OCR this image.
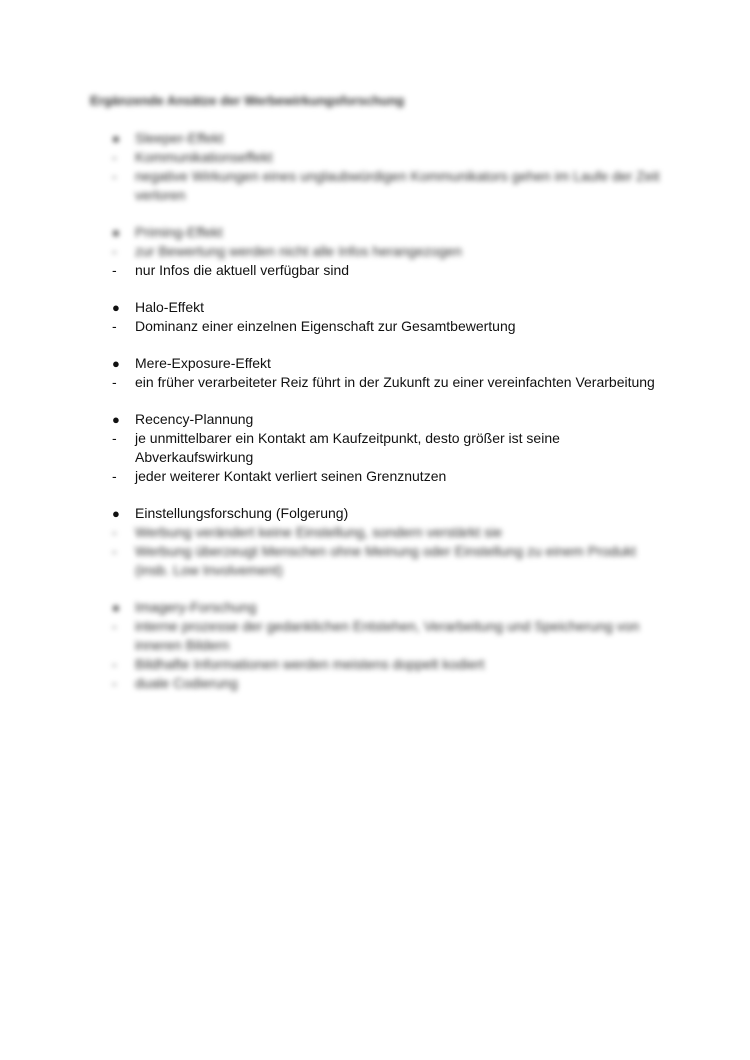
Ergänzende Ansätze der Werbewirkungsforschung
●	Sleeper-Effekt
-	Kommunikationseffekt
-	negative Wirkungen eines unglaubwürdigen Kommunikators gehen im Laufe der Zeit verloren
●	Priming-Effekt
-	zur Bewertung werden nicht alle Infos herangezogen
-	nur Infos die aktuell verfügbar sind
●	Halo-Effekt
-	Dominanz einer einzelnen Eigenschaft zur Gesamtbewertung
●	Mere-Exposure-Effekt
-	ein früher verarbeiteter Reiz führt in der Zukunft zu einer vereinfachten Verarbeitung
●	Recency-Plannung
-	je unmittelbarer ein Kontakt am Kaufzeitpunkt, desto größer ist seine Abverkaufswirkung
-	jeder weiterer Kontakt verliert seinen Grenznutzen
●	Einstellungsforschung (Folgerung)
-	Werbung verändert keine Einstellung, sondern verstärkt sie
-	Werbung überzeugt Menschen ohne Meinung oder Einstellung zu einem Produkt (insb. Low Involvement)
●	Imagery-Forschung
-	interne prozesse der gedanklichen Entstehen, Verarbeitung und Speicherung von inneren Bildern
-	Bildhafte Informationen werden meistens doppelt kodiert
-	duale Codierung
